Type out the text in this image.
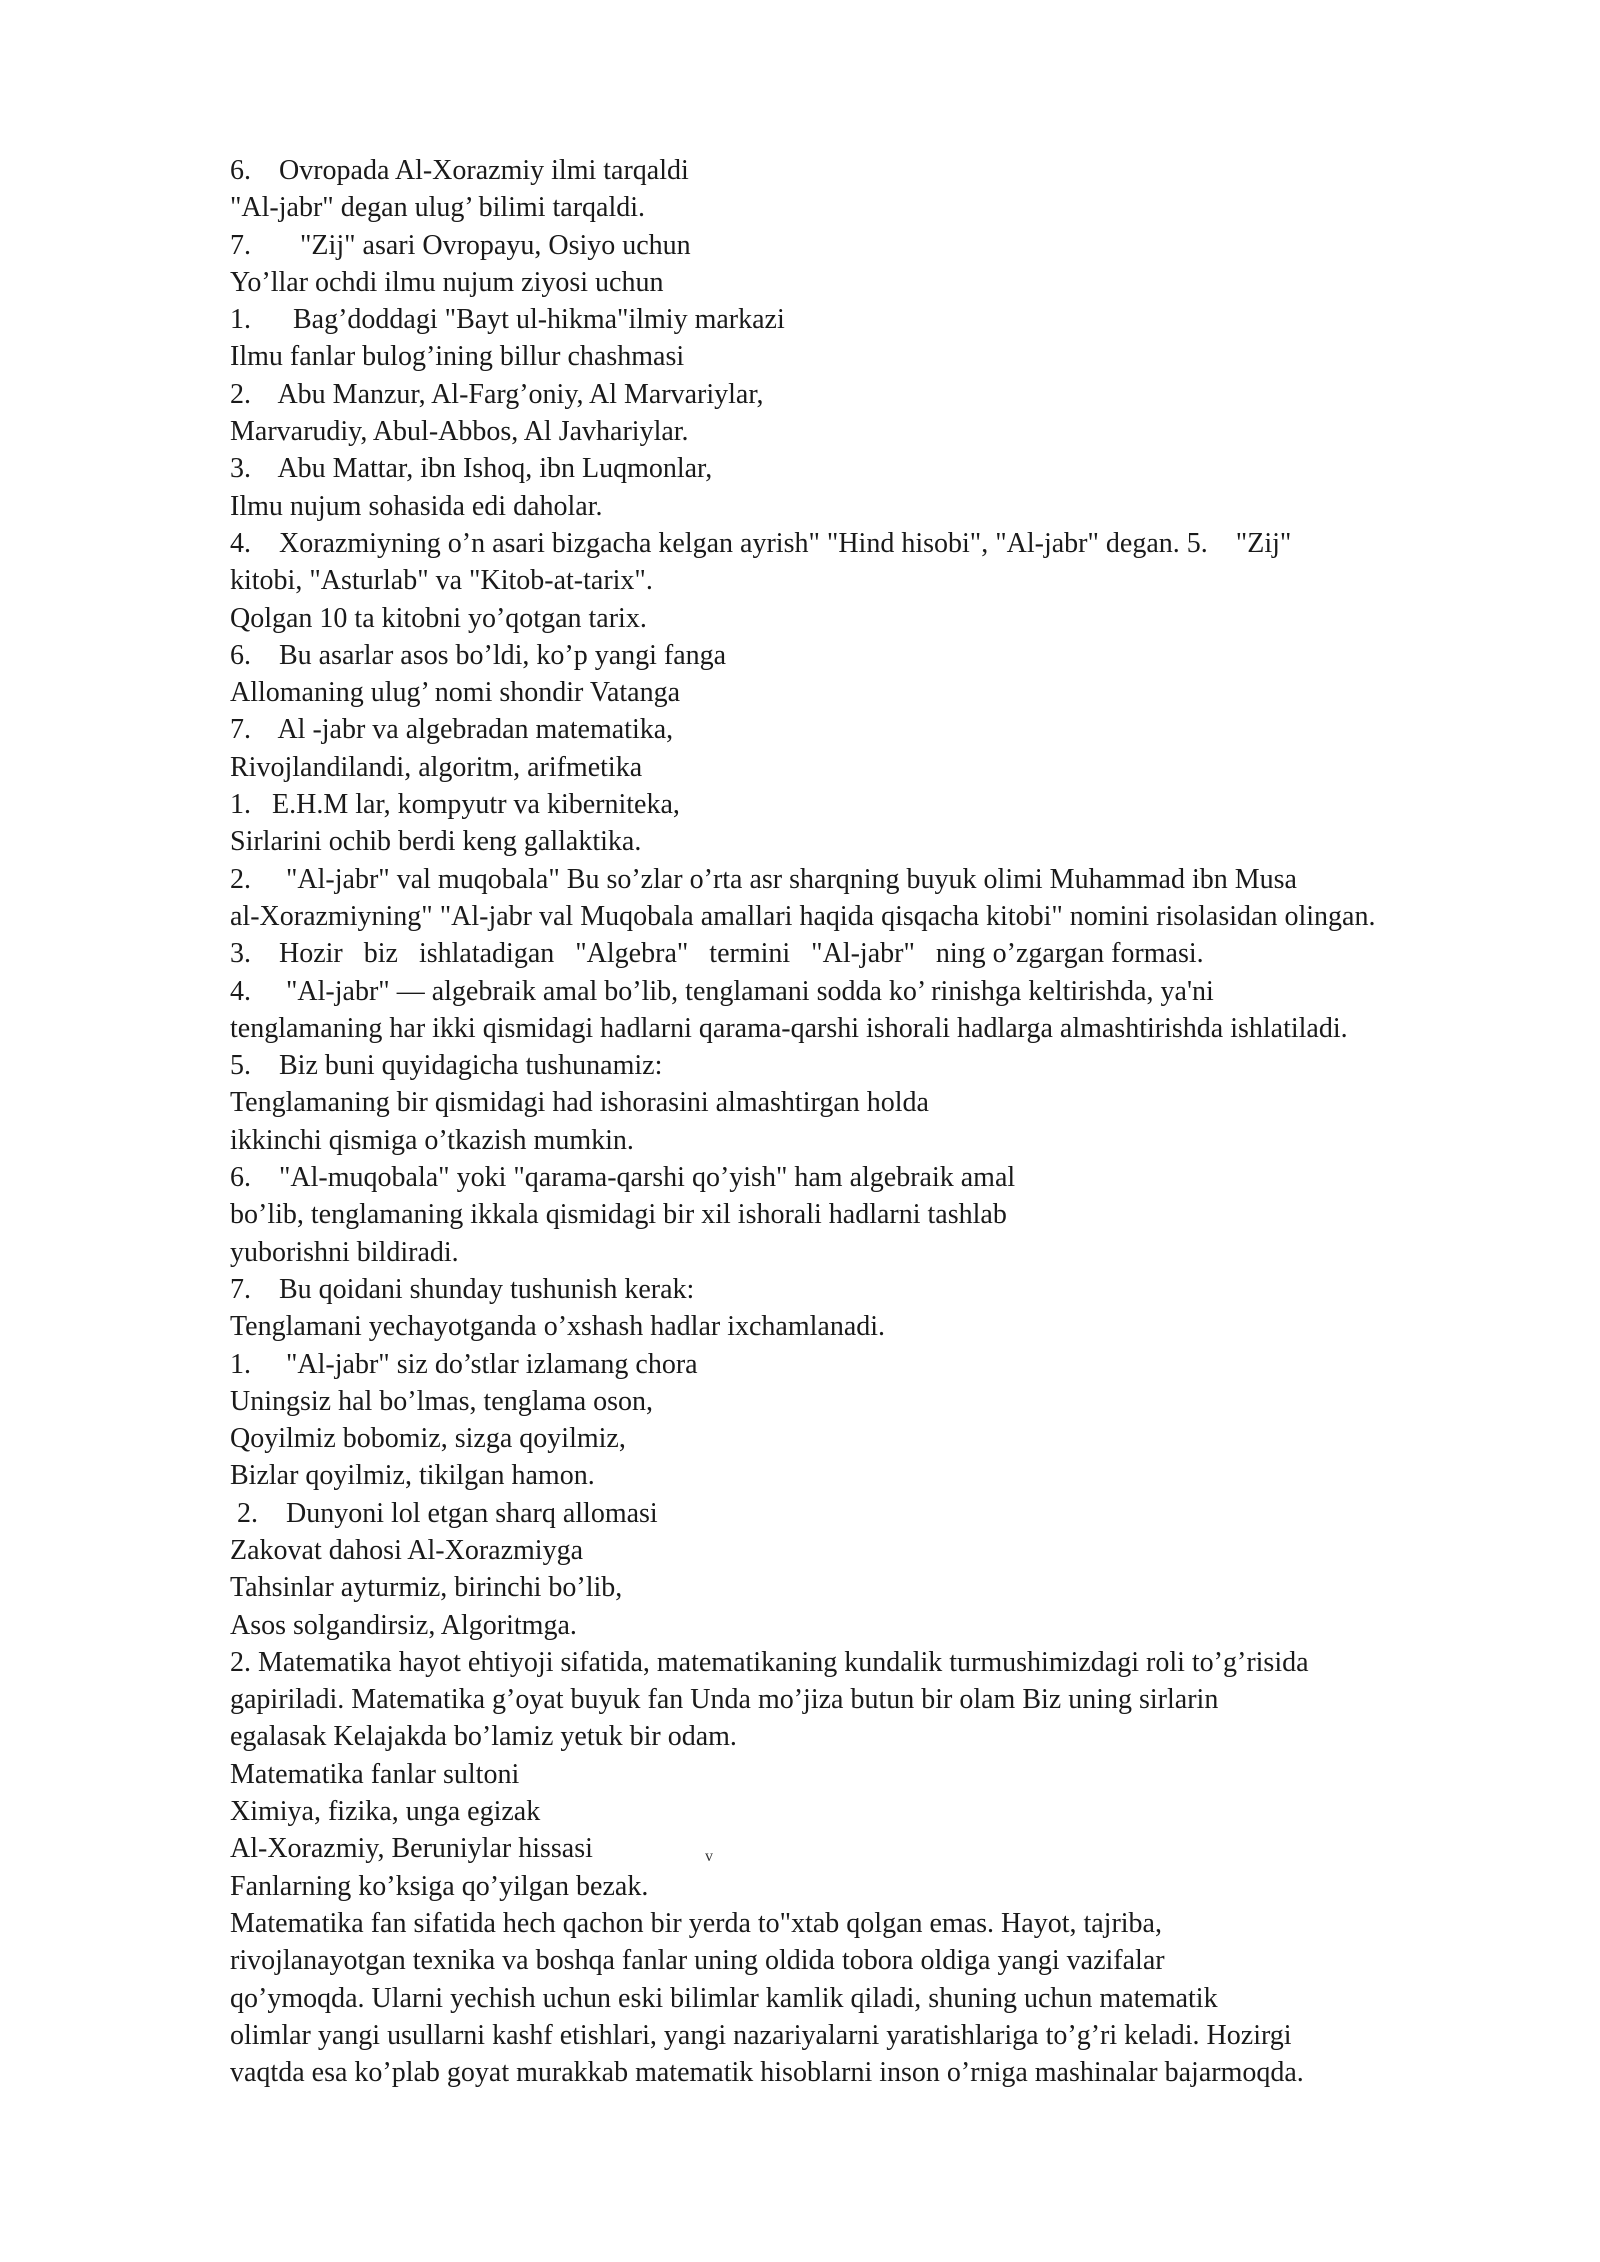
6.    Ovropada Al-Xorazmiy ilmi tarqaldi
"Al-jabr" degan ulug’ bilimi tarqaldi.
7.       "Zij" asari Ovropayu, Osiyo uchun
Yo’llar ochdi ilmu nujum ziyosi uchun
1.      Bag’doddagi "Bayt ul-hikma"ilmiy markazi
Ilmu fanlar bulog’ining billur chashmasi
2.    Abu Manzur, Al-Farg’oniy, Al Marvariylar,
Marvarudiy, Abul-Abbos, Al Javhariylar.
3.    Abu Mattar, ibn Ishoq, ibn Luqmonlar,
Ilmu nujum sohasida edi daholar.
4.    Xorazmiyning o’n asari bizgacha kelgan ayrish" "Hind hisobi", "Al-jabr" degan. 5.    "Zij"
kitobi, "Asturlab" va "Kitob-at-tarix".
Qolgan 10 ta kitobni yo’qotgan tarix.
6.    Bu asarlar asos bo’ldi, ko’p yangi fanga
Allomaning ulug’ nomi shondir Vatanga
7.    Al -jabr va algebradan matematika,
Rivojlandilandi, algoritm, arifmetika
1.   E.H.M lar, kompyutr va kiberniteka,
Sirlarini ochib berdi keng gallaktika.
2.     "Al-jabr" val muqobala" Bu so’zlar o’rta asr sharqning buyuk olimi Muhammad ibn Musa
al-Xorazmiyning" "Al-jabr val Muqobala amallari haqida qisqacha kitobi" nomini risolasidan olingan.
3.    Hozir   biz   ishlatadigan   "Algebra"   termini   "Al-jabr"   ning o’zgargan formasi.
4.     "Al-jabr" — algebraik amal bo’lib, tenglamani sodda ko’ rinishga keltirishda, ya'ni
tenglamaning har ikki qismidagi hadlarni qarama-qarshi ishorali hadlarga almashtirishda ishlatiladi.
5.    Biz buni quyidagicha tushunamiz:
Tenglamaning bir qismidagi had ishorasini almashtirgan holda
ikkinchi qismiga o’tkazish mumkin.
6.    "Al-muqobala" yoki "qarama-qarshi qo’yish" ham algebraik amal
bo’lib, tenglamaning ikkala qismidagi bir xil ishorali hadlarni tashlab
yuborishni bildiradi.
7.    Bu qoidani shunday tushunish kerak:
Tenglamani yechayotganda o’xshash hadlar ixchamlanadi.
1.     "Al-jabr" siz do’stlar izlamang chora
Uningsiz hal bo’lmas, tenglama oson,
Qoyilmiz bobomiz, sizga qoyilmiz,
Bizlar qoyilmiz, tikilgan hamon.
2.    Dunyoni lol etgan sharq allomasi
Zakovat dahosi Al-Xorazmiyga
Tahsinlar ayturmiz, birinchi bo’lib,
Asos solgandirsiz, Algoritmga.
2. Matematika hayot ehtiyoji sifatida, matematikaning kundalik turmushimizdagi roli to’g’risida
gapiriladi. Matematika g’oyat buyuk fan Unda mo’jiza butun bir olam Biz uning sirlarin
egalasak Kelajakda bo’lamiz yetuk bir odam.
Matematika fanlar sultoni
Ximiya, fizika, unga egizak
Al-Xorazmiy, Beruniylar hissasi
Fanlarning ko’ksiga qo’yilgan bezak.
Matematika fan sifatida hech qachon bir yerda to"xtab qolgan emas. Hayot, tajriba,
rivojlanayotgan texnika va boshqa fanlar uning oldida tobora oldiga yangi vazifalar
qo’ymoqda. Ularni yechish uchun eski bilimlar kamlik qiladi, shuning uchun matematik
olimlar yangi usullarni kashf etishlari, yangi nazariyalarni yaratishlariga to’g’ri keladi. Hozirgi
vaqtda esa ko’plab goyat murakkab matematik hisoblarni inson o’rniga mashinalar bajarmoqda.
v
